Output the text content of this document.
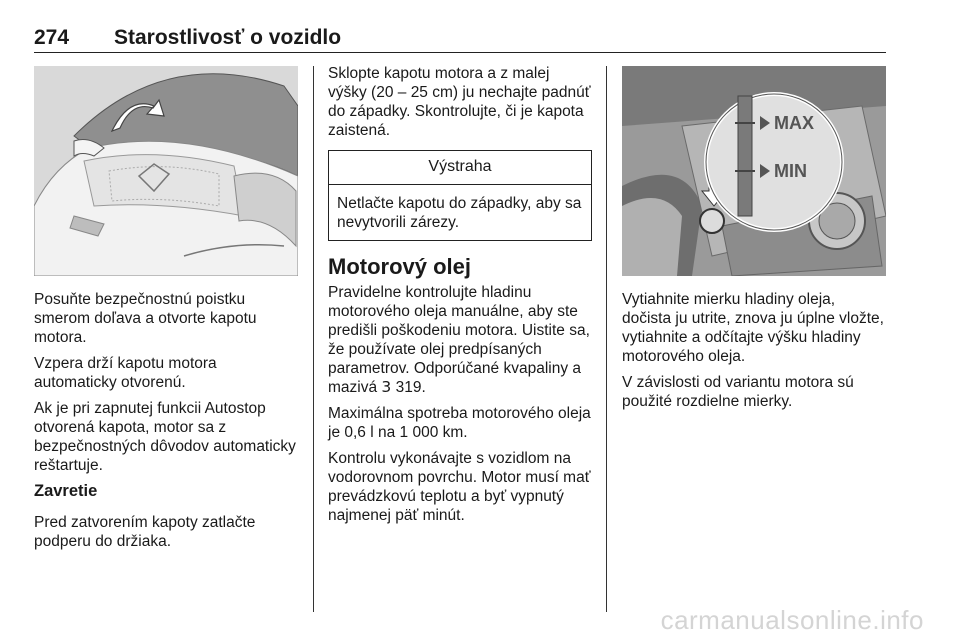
274 Starostlivosť o vozidlo

Posuňte bezpečnostnú poistku smerom doľava a otvorte kapotu motora.

Vzpera drží kapotu motora automaticky otvorenú.

Ak je pri zapnutej funkcii Autostop otvorená kapota, motor sa z bezpečnostných dôvodov automaticky reštartuje.

Zavretie

Pred zatvorením kapoty zatlačte podperu do držiaka.

Sklopte kapotu motora a z malej výšky (20 – 25 cm) ju nechajte padnúť do západky. Skontrolujte, či je kapota zaistená.

Výstraha
Netlačte kapotu do západky, aby sa nevytvorili zárezy.
Motorový olej

Pravidelne kontrolujte hladinu motorového oleja manuálne, aby ste predišli poškodeniu motora. Uistite sa, že používate olej predpísaných parametrov. Odporúčané kvapaliny a mazivá 3 319.

Maximálna spotreba motorového oleja je 0,6 l na 1 000 km.

Kontrolu vykonávajte s vozidlom na vodorovnom povrchu. Motor musí mať prevádzkovú teplotu a byť vypnutý najmenej päť minút.

MAX
MIN

Vytiahnite mierku hladiny oleja, dočista ju utrite, znova ju úplne vložte, vytiahnite a odčítajte výšku hladiny motorového oleja.

V závislosti od variantu motora sú použité rozdielne mierky.

carmanualsonline.info
